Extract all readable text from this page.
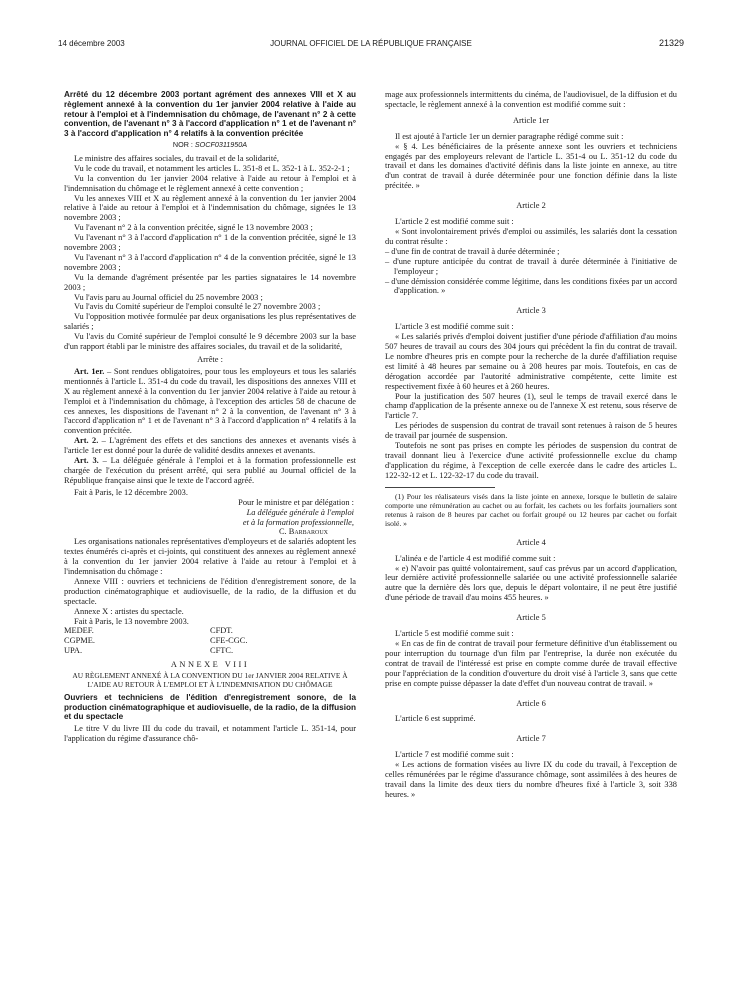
14 décembre 2003	JOURNAL OFFICIEL DE LA RÉPUBLIQUE FRANÇAISE	21329

Arrêté du 12 décembre 2003 portant agrément des annexes VIII et X au règlement annexé à la convention du 1er janvier 2004 relative à l'aide au retour à l'emploi et à l'indemnisation du chômage, de l'avenant n° 2 à cette convention, de l'avenant n° 3 à l'accord d'application n° 1 et de l'avenant n° 3 à l'accord d'application n° 4 relatifs à la convention précitée

NOR : SOCF0311950A

Le ministre des affaires sociales, du travail et de la solidarité,

Vu le code du travail, et notamment les articles L. 351-8 et L. 352-1 à L. 352-2-1 ;

Vu la convention du 1er janvier 2004 relative à l'aide au retour à l'emploi et à l'indemnisation du chômage et le règlement annexé à cette convention ;

Vu les annexes VIII et X au règlement annexé à la convention du 1er janvier 2004 relative à l'aide au retour à l'emploi et à l'indemnisation du chômage, signées le 13 novembre 2003 ;

Vu l'avenant n° 2 à la convention précitée, signé le 13 novembre 2003 ;

Vu l'avenant n° 3 à l'accord d'application n° 1 de la convention précitée, signé le 13 novembre 2003 ;

Vu l'avenant n° 3 à l'accord d'application n° 4 de la convention précitée, signé le 13 novembre 2003 ;

Vu la demande d'agrément présentée par les parties signataires le 14 novembre 2003 ;

Vu l'avis paru au Journal officiel du 25 novembre 2003 ;

Vu l'avis du Comité supérieur de l'emploi consulté le 27 novembre 2003 ;

Vu l'opposition motivée formulée par deux organisations les plus représentatives de salariés ;

Vu l'avis du Comité supérieur de l'emploi consulté le 9 décembre 2003 sur la base d'un rapport établi par le ministre des affaires sociales, du travail et de la solidarité,

Arrête :

Art. 1er. – Sont rendues obligatoires, pour tous les employeurs et tous les salariés mentionnés à l'article L. 351-4 du code du travail, les dispositions des annexes VIII et X au règlement annexé à la convention du 1er janvier 2004 relative à l'aide au retour à l'emploi et à l'indemnisation du chômage, à l'exception des articles 58 de chacune de ces annexes, les dispositions de l'avenant n° 2 à la convention, de l'avenant n° 3 à l'accord d'application n° 1 et de l'avenant n° 3 à l'accord d'application n° 4 relatifs à la convention précitée.

Art. 2. – L'agrément des effets et des sanctions des annexes et avenants visés à l'article 1er est donné pour la durée de validité desdits annexes et avenants.

Art. 3. – La déléguée générale à l'emploi et à la formation professionnelle est chargée de l'exécution du présent arrêté, qui sera publié au Journal officiel de la République française ainsi que le texte de l'accord agréé.

Fait à Paris, le 12 décembre 2003.

Pour le ministre et par délégation :

La déléguée générale à l'emploi

et à la formation professionnelle,

C. Barbaroux

Les organisations nationales représentatives d'employeurs et de salariés adoptent les textes énumérés ci-après et ci-joints, qui constituent des annexes au règlement annexé à la convention du 1er janvier 2004 relative à l'aide au retour à l'emploi et à l'indemnisation du chômage :

Annexe VIII : ouvriers et techniciens de l'édition d'enregistrement sonore, de la production cinématographique et audiovisuelle, de la radio, de la diffusion et du spectacle.

Annexe X : artistes du spectacle.

Fait à Paris, le 13 novembre 2003.

MEDEF.	CFDT.
CGPME.	CFE-CGC.
UPA.	CFTC.

ANNEXE VIII

AU RÈGLEMENT ANNEXÉ À LA CONVENTION DU 1er JANVIER 2004 RELATIVE À L'AIDE AU RETOUR À L'EMPLOI ET À L'INDEMNISATION DU CHÔMAGE

Ouvriers et techniciens de l'édition d'enregistrement sonore, de la production cinématographique et audiovisuelle, de la radio, de la diffusion et du spectacle

Le titre V du livre III du code du travail, et notamment l'article L. 351-14, pour l'application du régime d'assurance chô-

mage aux professionnels intermittents du cinéma, de l'audiovisuel, de la diffusion et du spectacle, le règlement annexé à la convention est modifié comme suit :

Article 1er

Il est ajouté à l'article 1er un dernier paragraphe rédigé comme suit :

« § 4. Les bénéficiaires de la présente annexe sont les ouvriers et techniciens engagés par des employeurs relevant de l'article L. 351-4 ou L. 351-12 du code du travail et dans les domaines d'activité définis dans la liste jointe en annexe, au titre d'un contrat de travail à durée déterminée pour une fonction définie dans la liste précitée. »

Article 2

L'article 2 est modifié comme suit :

« Sont involontairement privés d'emploi ou assimilés, les salariés dont la cessation du contrat résulte :

– d'une fin de contrat de travail à durée déterminée ;

– d'une rupture anticipée du contrat de travail à durée déterminée à l'initiative de l'employeur ;

– d'une démission considérée comme légitime, dans les conditions fixées par un accord d'application. »

Article 3

L'article 3 est modifié comme suit :

« Les salariés privés d'emploi doivent justifier d'une période d'affiliation d'au moins 507 heures de travail au cours des 304 jours qui précèdent la fin du contrat de travail. Le nombre d'heures pris en compte pour la recherche de la durée d'affiliation requise est limité à 48 heures par semaine ou à 208 heures par mois. Toutefois, en cas de dérogation accordée par l'autorité administrative compétente, cette limite est respectivement fixée à 60 heures et à 260 heures.

Pour la justification des 507 heures (1), seul le temps de travail exercé dans le champ d'application de la présente annexe ou de l'annexe X est retenu, sous réserve de l'article 7.

Les périodes de suspension du contrat de travail sont retenues à raison de 5 heures de travail par journée de suspension.

Toutefois ne sont pas prises en compte les périodes de suspension du contrat de travail donnant lieu à l'exercice d'une activité professionnelle exclue du champ d'application du régime, à l'exception de celle exercée dans le cadre des articles L. 122-32-12 et L. 122-32-17 du code du travail.

(1) Pour les réalisateurs visés dans la liste jointe en annexe, lorsque le bulletin de salaire comporte une rémunération au cachet ou au forfait, les cachets ou les forfaits journaliers sont retenus à raison de 8 heures par cachet ou forfait groupé ou 12 heures par cachet ou forfait isolé. »

Article 4

L'alinéa e de l'article 4 est modifié comme suit :

« e) N'avoir pas quitté volontairement, sauf cas prévus par un accord d'application, leur dernière activité professionnelle salariée ou une activité professionnelle salariée autre que la dernière dès lors que, depuis le départ volontaire, il ne peut être justifié d'une période de travail d'au moins 455 heures. »

Article 5

L'article 5 est modifié comme suit :

« En cas de fin de contrat de travail pour fermeture définitive d'un établissement ou pour interruption du tournage d'un film par l'entreprise, la durée non exécutée du contrat de travail de l'intéressé est prise en compte comme durée de travail effective pour l'appréciation de la condition d'ouverture du droit visé à l'article 3, sans que cette prise en compte puisse dépasser la date d'effet d'un nouveau contrat de travail. »

Article 6

L'article 6 est supprimé.

Article 7

L'article 7 est modifié comme suit :

« Les actions de formation visées au livre IX du code du travail, à l'exception de celles rémunérées par le régime d'assurance chômage, sont assimilées à des heures de travail dans la limite des deux tiers du nombre d'heures fixé à l'article 3, soit 338 heures. »
